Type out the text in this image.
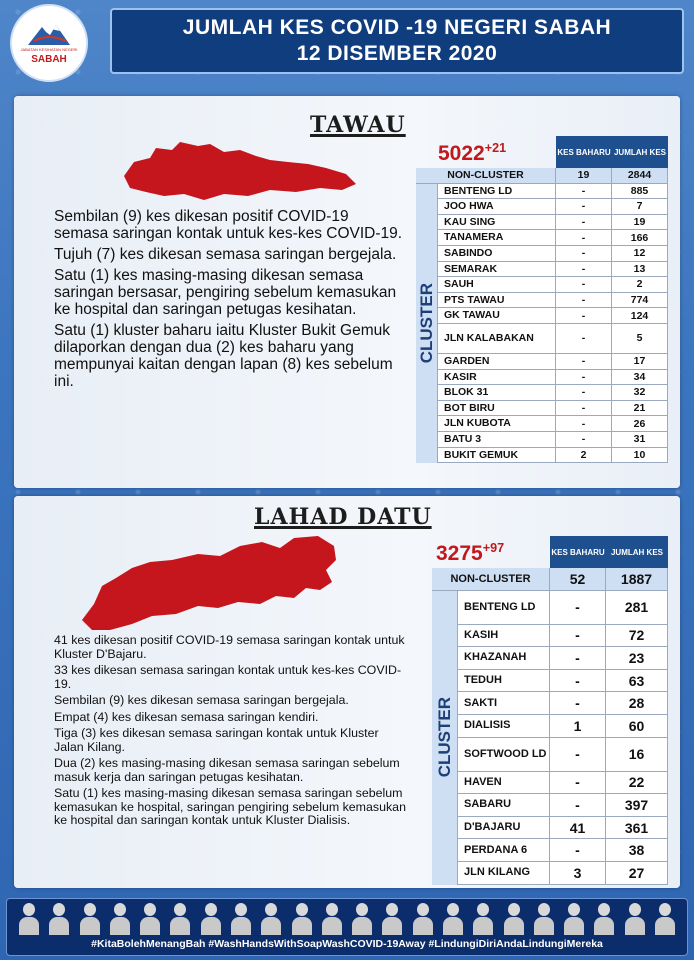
JABATAN KESIHATAN NEGERI
SABAH
JUMLAH KES COVID -19 NEGERI SABAH
12 DISEMBER 2020
TAWAU

Sembilan (9) kes dikesan positif COVID-19 semasa saringan kontak untuk kes-kes COVID-19.

Tujuh (7) kes dikesan semasa saringan bergejala.

Satu (1) kes masing-masing dikesan semasa saringan bersasar, pengiring sebelum kemasukan ke hospital dan saringan petugas kesihatan.

Satu (1) kluster baharu iaitu Kluster Bukit Gemuk dilaporkan dengan dua (2) kes baharu yang mempunyai kaitan dengan lapan (8) kes sebelum ini.

$5022^{+21}$	KES BAHARU JUMLAH KES
NON-CLUSTER	19	2844
CLUSTER
BENTENG LD	-	885
JOO HWA	-	7
KAU SING	-	19
TANAMERA	-	166
SABINDO	-	12
SEMARAK	-	13
SAUH	-	2
PTS TAWAU	-	774
GK TAWAU	-	124
JLN KALABAKAN	-	5
GARDEN	-	17
KASIR	-	34
BLOK 31	-	32
BOT BIRU	-	21
JLN KUBOTA	-	26
BATU 3	-	31
BUKIT GEMUK	2	10
LAHAD DATU

41 kes dikesan positif COVID-19 semasa saringan kontak untuk Kluster D'Bajaru.

33 kes dikesan semasa saringan kontak untuk kes-kes COVID-19.

Sembilan (9) kes dikesan semasa saringan bergejala.

Empat (4) kes dikesan semasa saringan kendiri.

Tiga (3) kes dikesan semasa saringan kontak untuk Kluster Jalan Kilang.

Dua (2) kes masing-masing dikesan semasa saringan sebelum masuk kerja dan saringan petugas kesihatan.

Satu (1) kes masing-masing dikesan semasa saringan sebelum kemasukan ke hospital, saringan pengiring sebelum kemasukan ke hospital dan saringan kontak untuk Kluster Dialisis.

$3275^{+97}$	KES BAHARU JUMLAH KES
NON-CLUSTER	52	1887
CLUSTER
BENTENG LD	-	281
KASIH	-	72
KHAZANAH	-	23
TEDUH	-	63
SAKTI	-	28
DIALISIS	1	60
SOFTWOOD LD	-	16
HAVEN	-	22
SABARU	-	397
D'BAJARU	41	361
PERDANA 6	-	38
JLN KILANG	3	27
#KitaBolehMenangBah #WashHandsWithSoapWashCOVID-19Away #LindungiDiriAndaLindungiMereka
